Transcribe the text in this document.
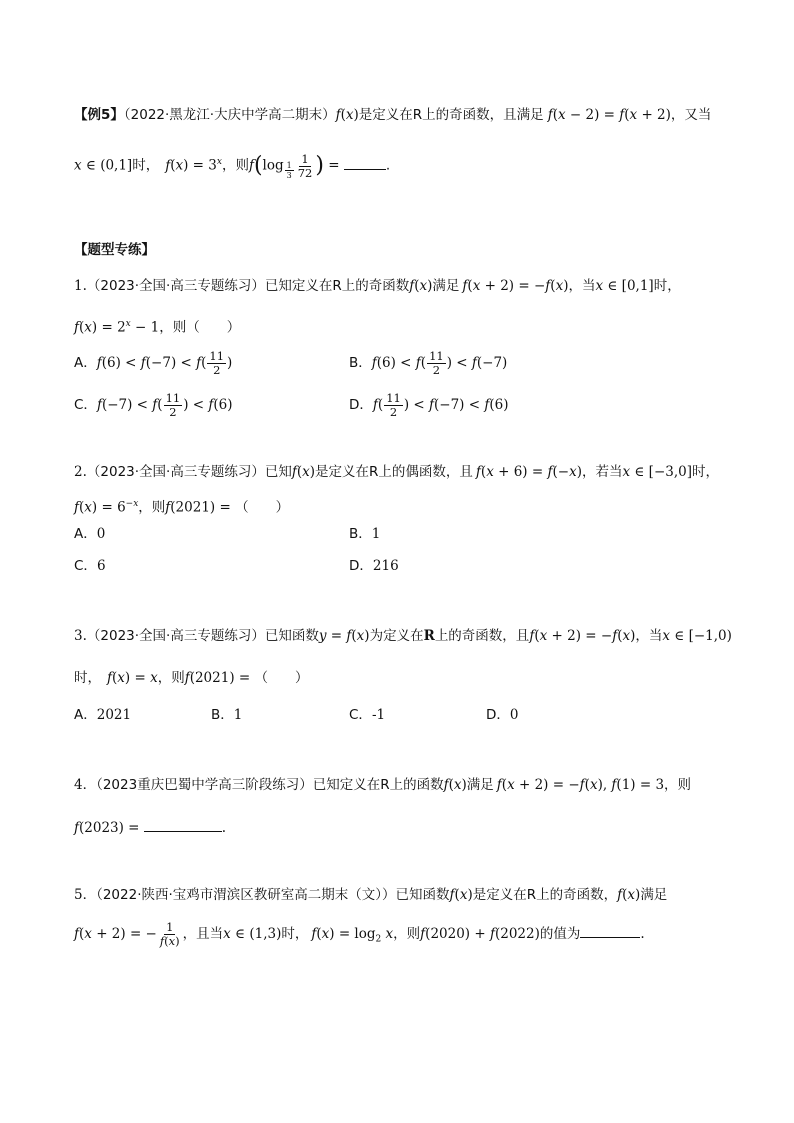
【例5】（2022·黑龙江·大庆中学高二期末）f(x)是定义在R上的奇函数，且满足 f(x − 2) = f(x + 2)，又当
x ∈ (0,1]时， $f(x) = 3^x$，则f(log $_{\frac{1}{3}} \frac{1}{72}$ ) =	.
【题型专练】
1.（2023·全国·高三专题练习）已知定义在R上的奇函数f(x)满足 f(x + 2) = −f(x)，当x ∈ [0,1]时，
$f(x) = 2^x - 1$，则（　　）
A．$f(6) < f(-7) < f( \frac{11}{2}$ )	B．$f(6) < f( \frac{11}{2}$ ) < f(−7)
C．$f(-7) < f( \frac{11}{2}$ ) < f(6)	D．$f( \frac{11}{2}$ ) < f(−7) < f(6)
2.（2023·全国·高三专题练习）已知f(x)是定义在R上的偶函数，且 f(x + 6) = f(−x)，若当x ∈ [−3,0]时，
$f(x) = 6^{-x}$，则f(2021) = （　　）
A．0	B．1
C．6	D．216
3.（2023·全国·高三专题练习）已知函数y = f(x)为定义在R上的奇函数，且f(x + 2) = −f(x)，当x ∈ [−1,0)
时， f(x) = x，则f(2021) = （　　）
A．2021	B．1	C．-1	D．0
4．（2023重庆巴蜀中学高三阶段练习）已知定义在R上的函数f(x)满足 f(x + 2) = −f(x), f(1) = 3，则
f(2023) =	.
5．（2022·陕西·宝鸡市渭滨区教研室高二期末（文））已知函数f(x)是定义在R上的奇函数，f(x)满足
f(x + 2) = − $\frac{1}{f(x)}$ ，且当x ∈ (1,3)时， $f(x) = \log_2 x$，则f(2020) + f(2022)的值为	.
